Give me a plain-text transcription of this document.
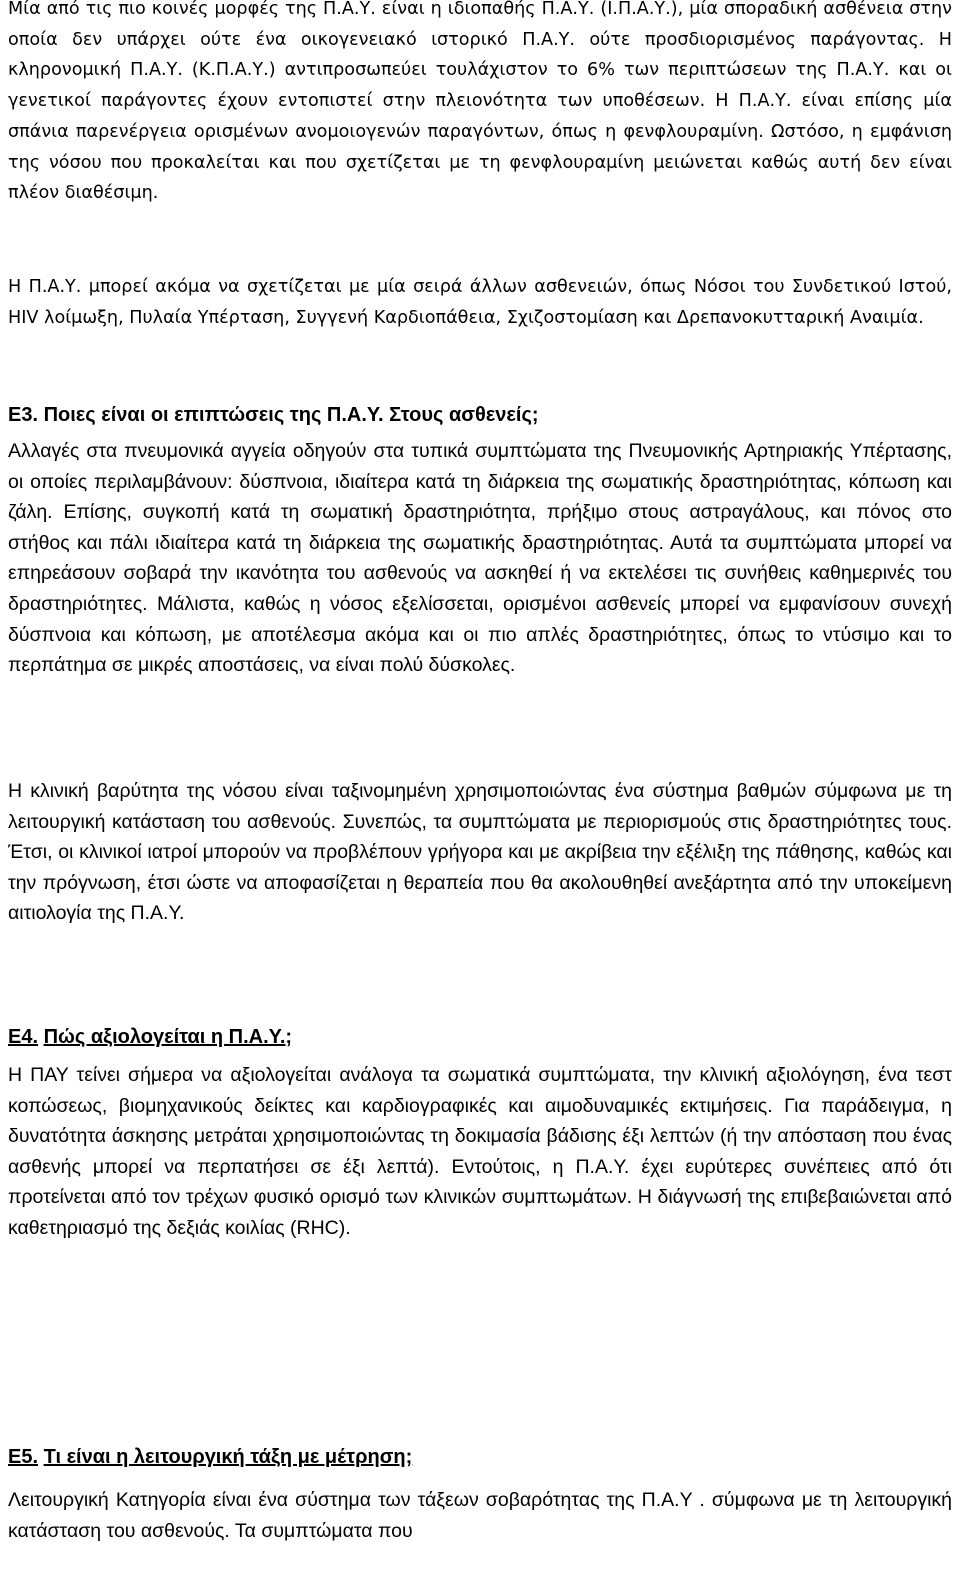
Μία από τις πιο κοινές μορφές της Π.Α.Υ. είναι η ιδιοπαθής Π.Α.Υ. (Ι.Π.Α.Υ.), μία σποραδική ασθένεια στην οποία δεν υπάρχει ούτε ένα οικογενειακό ιστορικό Π.Α.Υ. ούτε προσδιορισμένος παράγοντας. Η κληρονομική Π.Α.Υ. (Κ.Π.Α.Υ.) αντιπροσωπεύει τουλάχιστον το 6% των περιπτώσεων της Π.Α.Υ. και οι γενετικοί παράγοντες έχουν εντοπιστεί στην πλειονότητα των υποθέσεων. Η Π.Α.Υ. είναι επίσης μία σπάνια παρενέργεια ορισμένων ανομοιογενών παραγόντων, όπως η φενφλουραμίνη. Ωστόσο, η εμφάνιση της νόσου που προκαλείται και που σχετίζεται με τη φενφλουραμίνη μειώνεται καθώς αυτή δεν είναι πλέον διαθέσιμη.

Η Π.Α.Υ. μπορεί ακόμα να σχετίζεται με μία σειρά άλλων ασθενειών, όπως Νόσοι του Συνδετικού Ιστού, HIV λοίμωξη, Πυλαία Υπέρταση, Συγγενή Καρδιοπάθεια, Σχιζοστομίαση και Δρεπανοκυτταρική Αναιμία.

Ε3. Ποιες είναι οι επιπτώσεις της Π.Α.Υ. Στους ασθενείς;

Αλλαγές στα πνευμονικά αγγεία οδηγούν στα τυπικά συμπτώματα της Πνευμονικής Αρτηριακής Υπέρτασης, οι οποίες περιλαμβάνουν: δύσπνοια, ιδιαίτερα κατά τη διάρκεια της σωματικής δραστηριότητας, κόπωση και ζάλη. Επίσης, συγκοπή κατά τη σωματική δραστηριότητα, πρήξιμο στους αστραγάλους, και πόνος στο στήθος και πάλι ιδιαίτερα κατά τη διάρκεια της σωματικής δραστηριότητας. Αυτά τα συμπτώματα μπορεί να επηρεάσουν σοβαρά την ικανότητα του ασθενούς να ασκηθεί ή να εκτελέσει τις συνήθεις καθημερινές του δραστηριότητες. Μάλιστα, καθώς η νόσος εξελίσσεται, ορισμένοι ασθενείς μπορεί να εμφανίσουν συνεχή δύσπνοια και κόπωση, με αποτέλεσμα ακόμα και οι πιο απλές δραστηριότητες, όπως το ντύσιμο και το περπάτημα σε μικρές αποστάσεις, να είναι πολύ δύσκολες.

Η κλινική βαρύτητα της νόσου είναι ταξινομημένη χρησιμοποιώντας ένα σύστημα βαθμών σύμφωνα με τη λειτουργική κατάσταση του ασθενούς. Συνεπώς, τα συμπτώματα με περιορισμούς στις δραστηριότητες τους. Έτσι, οι κλινικοί ιατροί μπορούν να προβλέπουν γρήγορα και με ακρίβεια την εξέλιξη της πάθησης, καθώς και την πρόγνωση, έτσι ώστε να αποφασίζεται η θεραπεία που θα ακολουθηθεί ανεξάρτητα από την υποκείμενη αιτιολογία της Π.Α.Υ.

Ε4. Πώς αξιολογείται η Π.Α.Υ.;

Η ΠΑΥ τείνει σήμερα να αξιολογείται ανάλογα τα σωματικά συμπτώματα, την κλινική αξιολόγηση, ένα τεστ κοπώσεως, βιομηχανικούς δείκτες και καρδιογραφικές και αιμοδυναμικές εκτιμήσεις. Για παράδειγμα, η δυνατότητα άσκησης μετράται χρησιμοποιώντας τη δοκιμασία βάδισης έξι λεπτών (ή την απόσταση που ένας ασθενής μπορεί να περπατήσει σε έξι λεπτά). Εντούτοις, η Π.Α.Υ. έχει ευρύτερες συνέπειες από ότι προτείνεται από τον τρέχων φυσικό ορισμό των κλινικών συμπτωμάτων. Η διάγνωσή της επιβεβαιώνεται από καθετηριασμό της δεξιάς κοιλίας (RHC).

Ε5. Τι είναι η λειτουργική τάξη με μέτρηση;

Λειτουργική Κατηγορία είναι ένα σύστημα των τάξεων σοβαρότητας της Π.Α.Υ . σύμφωνα με τη λειτουργική κατάσταση του ασθενούς. Τα συμπτώματα που
